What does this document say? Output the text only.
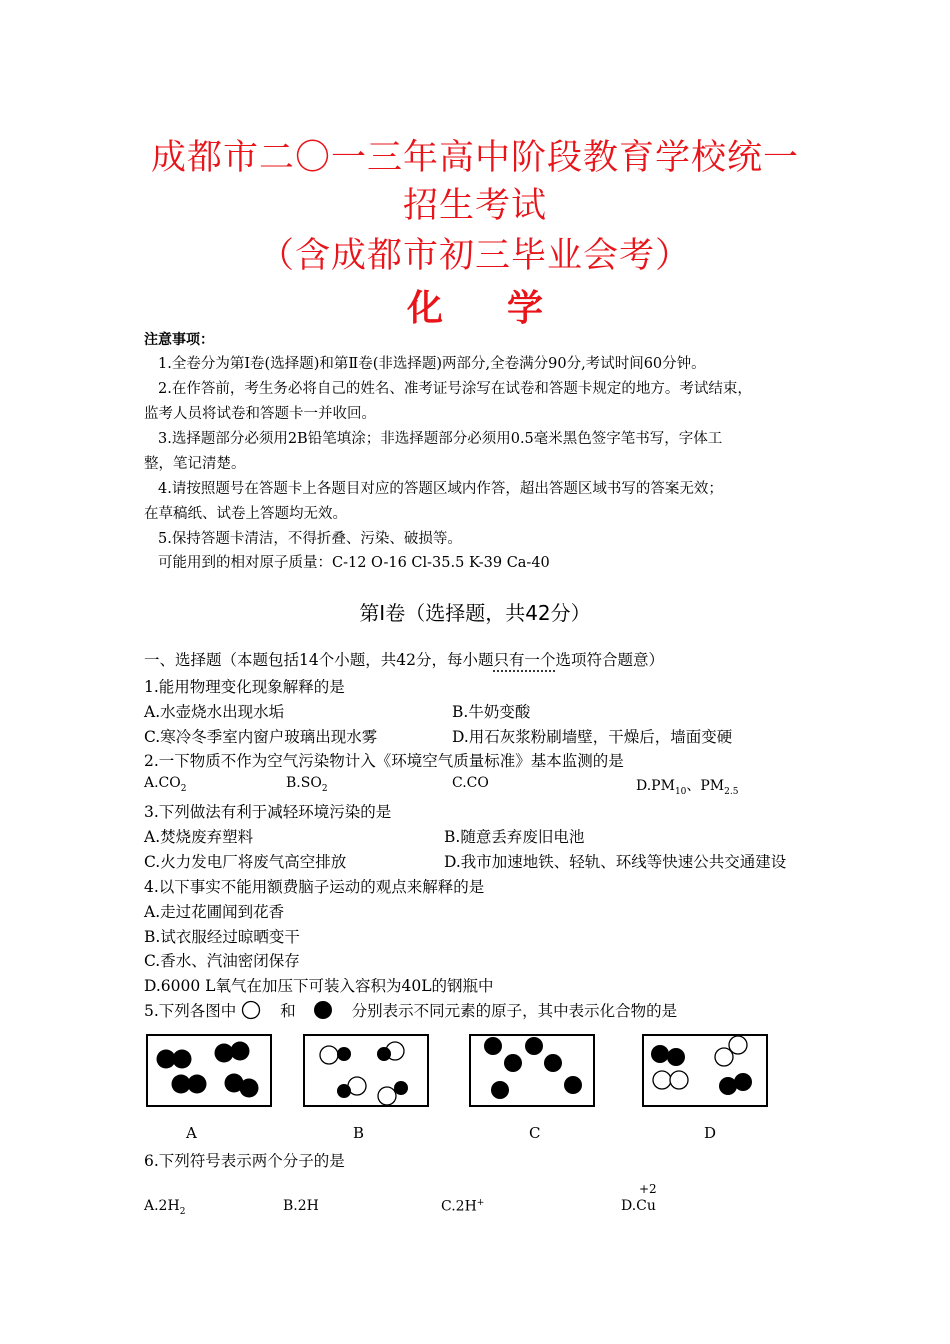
成都市二〇一三年高中阶段教育学校统一
招生考试
（含成都市初三毕业会考）
化学
注意事项：
1.全卷分为第Ⅰ卷(选择题)和第Ⅱ卷(非选择题)两部分,全卷满分90分,考试时间60分钟。
2.在作答前，考生务必将自己的姓名、准考证号涂写在试卷和答题卡规定的地方。考试结束，
监考人员将试卷和答题卡一并收回。
3.选择题部分必须用2B铅笔填涂；非选择题部分必须用0.5毫米黑色签字笔书写，字体工
整，笔记清楚。
4.请按照题号在答题卡上各题目对应的答题区域内作答，超出答题区域书写的答案无效；
在草稿纸、试卷上答题均无效。
5.保持答题卡清洁，不得折叠、污染、破损等。
可能用到的相对原子质量：C-12 O-16 Cl-35.5 K-39 Ca-40
第Ⅰ卷（选择题，共42分）
一、选择题（本题包括14个小题，共42分，每小题只有一个选项符合题意）
1.能用物理变化现象解释的是
A.水壶烧水出现水垢	B.牛奶变酸
C.寒冷冬季室内窗户玻璃出现水雾	D.用石灰浆粉刷墙壁，干燥后，墙面变硬
2.一下物质不作为空气污染物计入《环境空气质量标准》基本监测的是
$A.CO_2$	$B.SO_2$	C.CO	$D.PM_{10}$、$PM_{2.5}$
3.下列做法有利于减轻环境污染的是
A.焚烧废弃塑料	B.随意丢弃废旧电池
C.火力发电厂将废气高空排放	D.我市加速地铁、轻轨、环线等快速公共交通建设
4.以下事实不能用额费脑子运动的观点来解释的是
A.走过花圃闻到花香
B.试衣服经过晾晒变干
C.香水、汽油密闭保存
D.6000 L氧气在加压下可装入容积为40L的钢瓶中
5.下列各图中	和	分别表示不同元素的原子，其中表示化合物的是
A	B	C	D
6.下列符号表示两个分子的是
$A.2H_2$	B.2H	C.2H+
+2
D.Cu
